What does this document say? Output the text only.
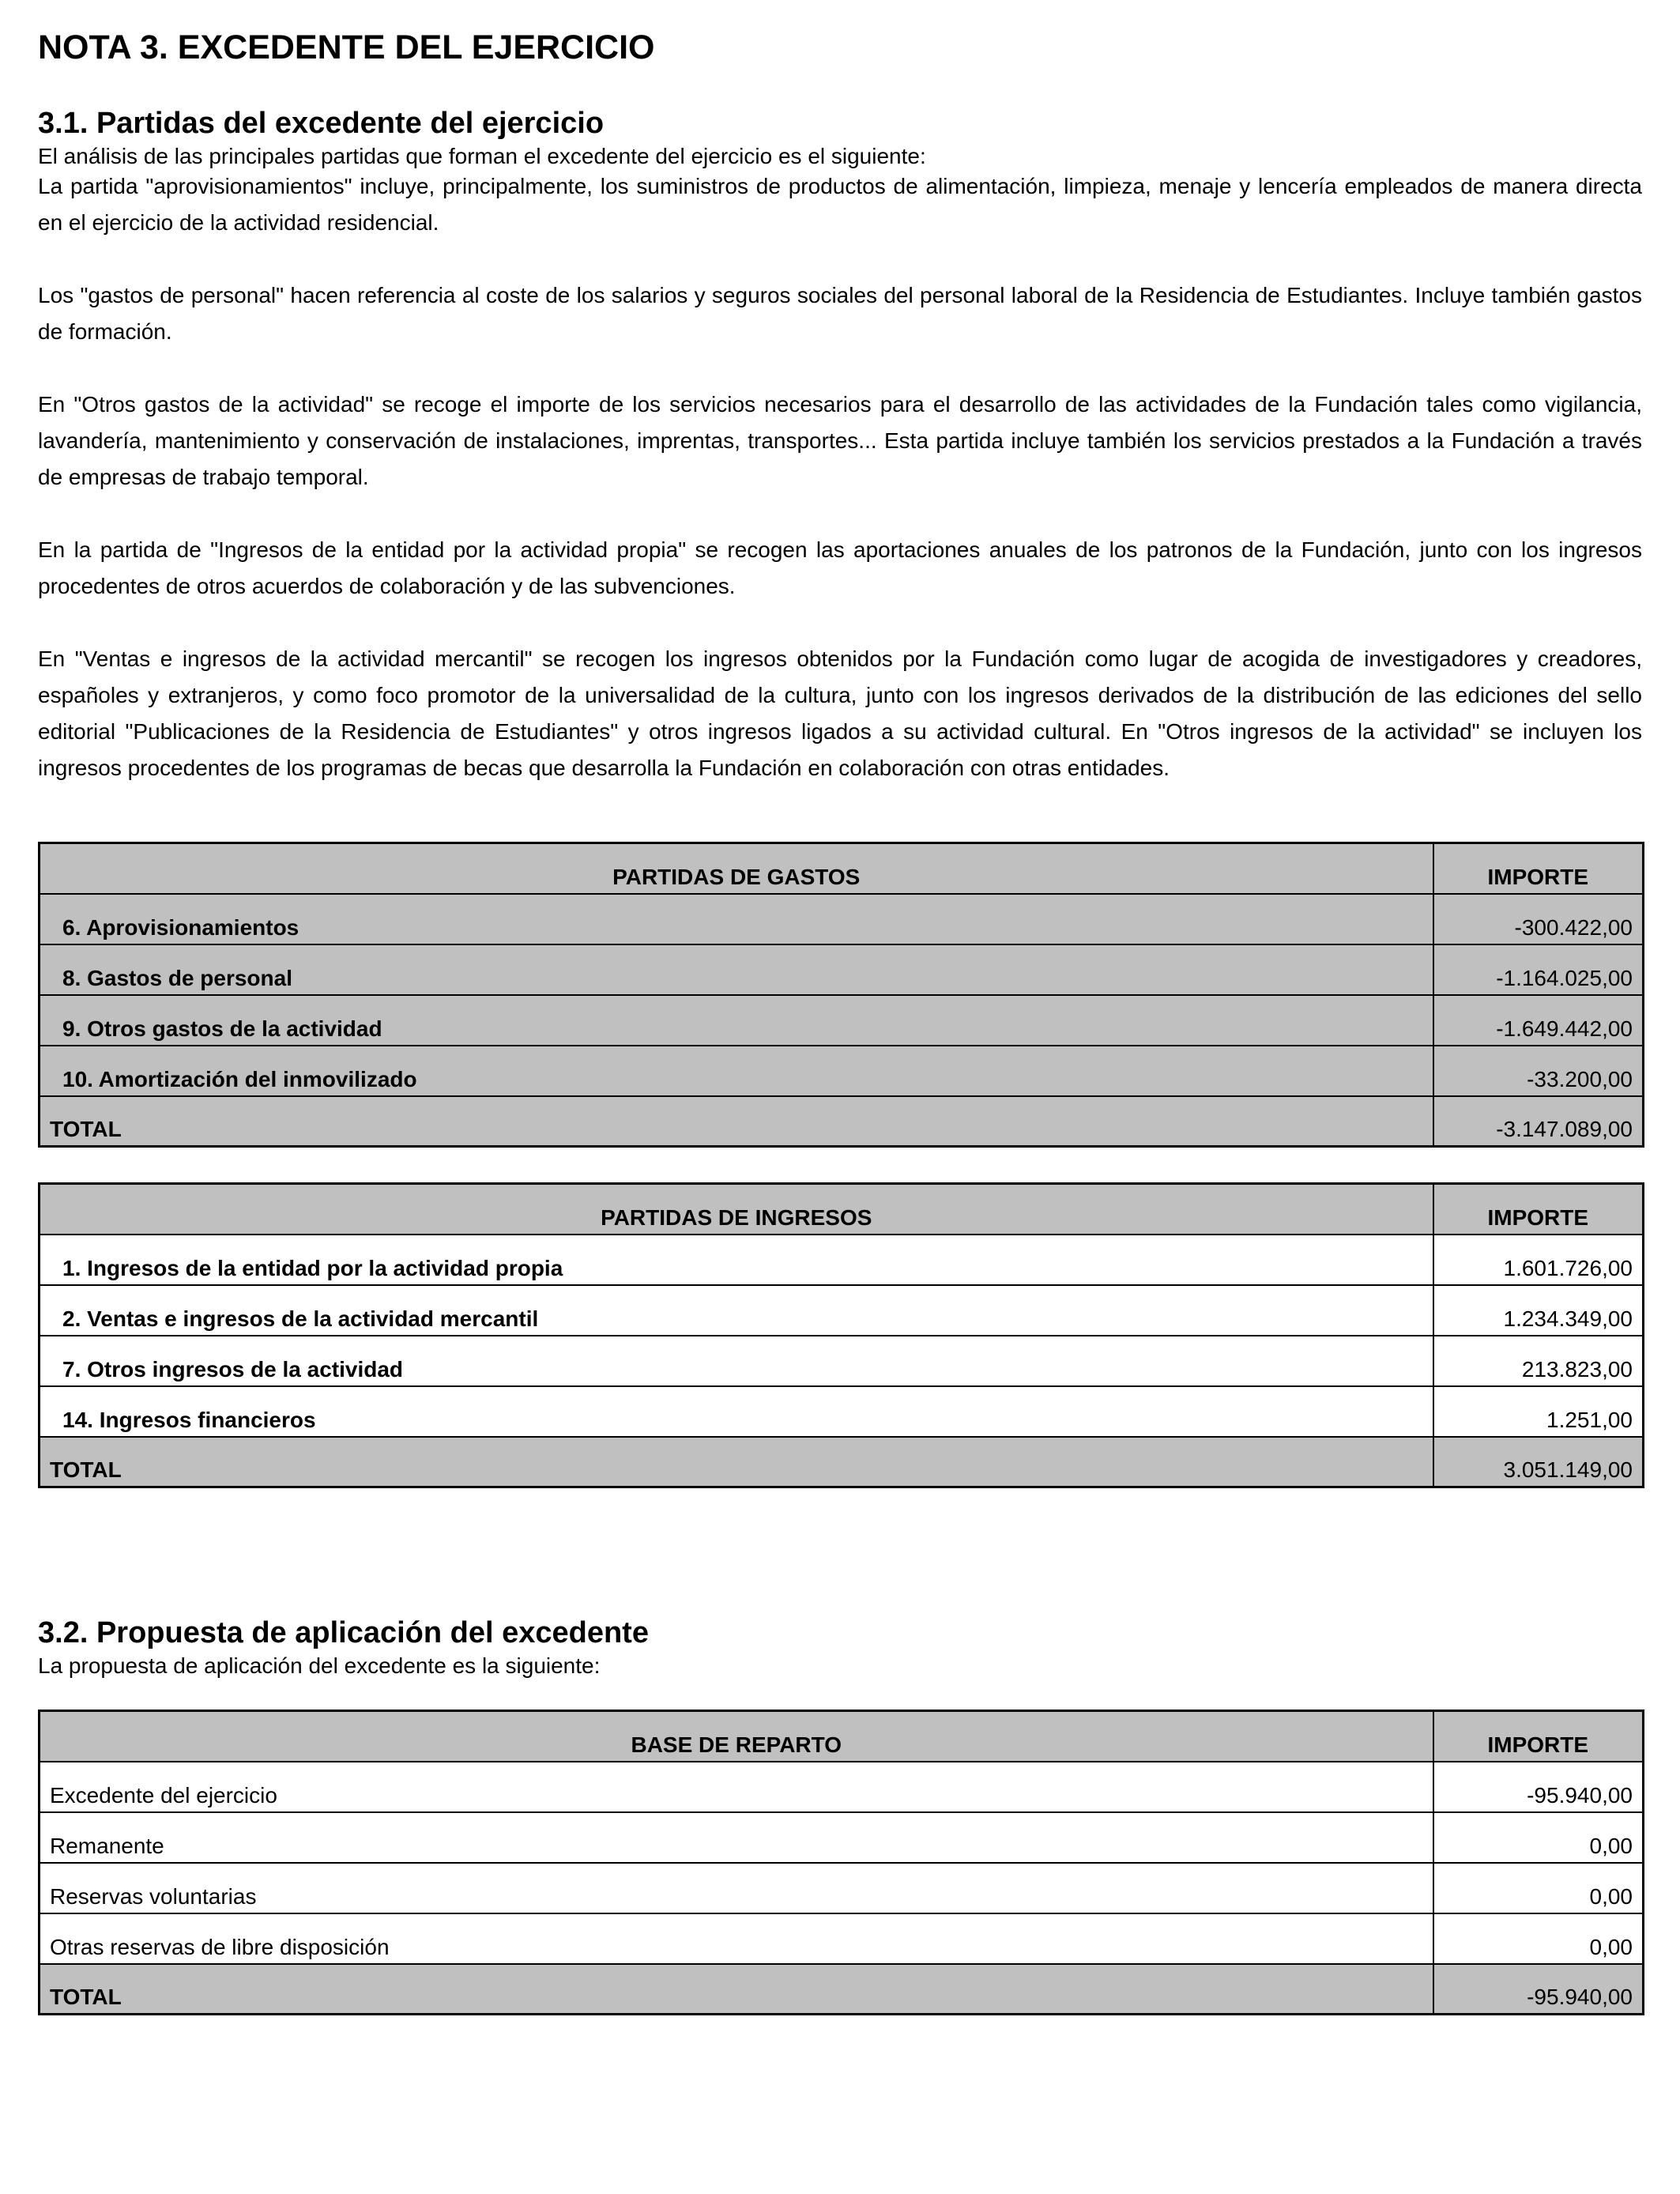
NOTA 3. EXCEDENTE DEL EJERCICIO
3.1. Partidas del excedente del ejercicio

El análisis de las principales partidas que forman el excedente del ejercicio es el siguiente:

La partida "aprovisionamientos" incluye, principalmente, los suministros de productos de alimentación, limpieza, menaje y lencería empleados de manera directa en el ejercicio de la actividad residencial.

Los "gastos de personal" hacen referencia al coste de los salarios y seguros sociales del personal laboral de la Residencia de Estudiantes. Incluye también gastos de formación.

En "Otros gastos de la actividad" se recoge el importe de los servicios necesarios para el desarrollo de las actividades de la Fundación tales como vigilancia, lavandería, mantenimiento y conservación de instalaciones, imprentas, transportes... Esta partida incluye también los servicios prestados a la Fundación a través de empresas de trabajo temporal.

En la partida de "Ingresos de la entidad por la actividad propia" se recogen las aportaciones anuales de los patronos de la Fundación, junto con los ingresos procedentes de otros acuerdos de colaboración y de las subvenciones.

En "Ventas e ingresos de la actividad mercantil" se recogen los ingresos obtenidos por la Fundación como lugar de acogida de investigadores y creadores, españoles y extranjeros, y como foco promotor de la universalidad de la cultura, junto con los ingresos derivados de la distribución de las ediciones del sello editorial "Publicaciones de la Residencia de Estudiantes" y otros ingresos ligados a su actividad cultural. En "Otros ingresos de la actividad" se incluyen los ingresos procedentes de los programas de becas que desarrolla la Fundación en colaboración con otras entidades.

PARTIDAS DE GASTOS	IMPORTE
6. Aprovisionamientos	-300.422,00
8. Gastos de personal	-1.164.025,00
9. Otros gastos de la actividad	-1.649.442,00
10. Amortización del inmovilizado	-33.200,00
TOTAL	-3.147.089,00
PARTIDAS DE INGRESOS	IMPORTE
1. Ingresos de la entidad por la actividad propia	1.601.726,00
2. Ventas e ingresos de la actividad mercantil	1.234.349,00
7. Otros ingresos de la actividad	213.823,00
14. Ingresos financieros	1.251,00
TOTAL	3.051.149,00
3.2. Propuesta de aplicación del excedente

La propuesta de aplicación del excedente es la siguiente:

BASE DE REPARTO	IMPORTE
Excedente del ejercicio	-95.940,00
Remanente	0,00
Reservas voluntarias	0,00
Otras reservas de libre disposición	0,00
TOTAL	-95.940,00
